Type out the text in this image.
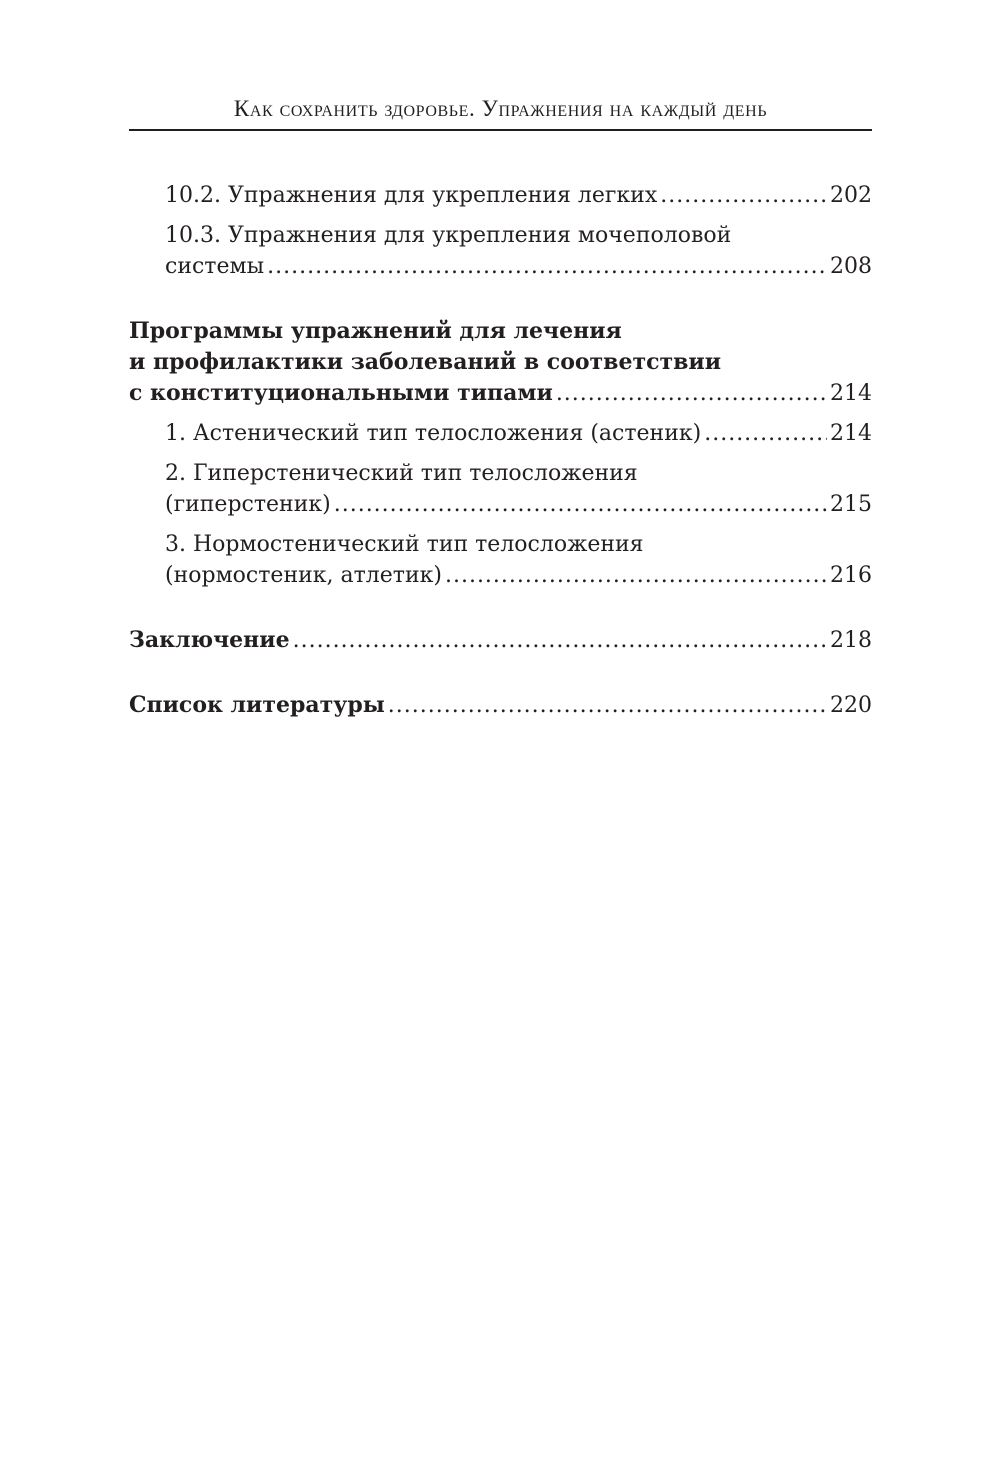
Как сохранить здоровье. Упражнения на каждый день
10.2. Упражнения для укрепления легких .....	202
10.3. Упражнения для укрепления мочеполовой
системы .....	208
Программы упражнений для лечения
и профилактики заболеваний в соответствии
с конституциональными типами .....	214
1. Астенический тип телосложения (астеник) .....	214
2. Гиперстенический тип телосложения
(гиперстеник) .....	215
3. Нормостенический тип телосложения
(нормостеник, атлетик) .....	216
Заключение .....	218
Список литературы .....	220
